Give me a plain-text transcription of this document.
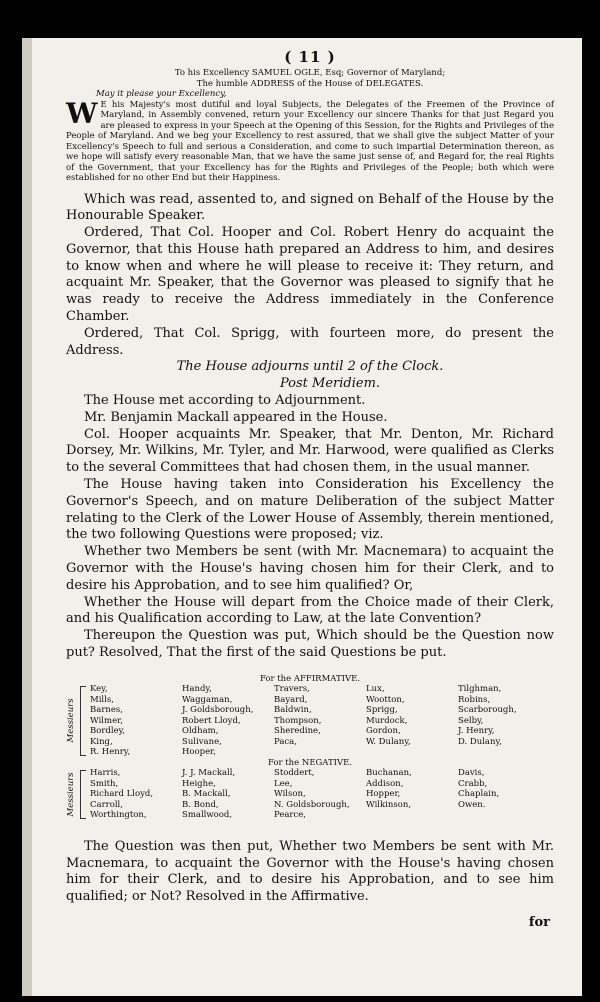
( 11 )

To his Excellency SAMUEL OGLE, Esq; Governor of Maryland;

The humble ADDRESS of the House of DELEGATES.

May it please your Excellency,

W E his Majesty's most dutiful and loyal Subjects, the Delegates of the Freemen of the Province of Maryland, in Assembly convened, return your Excellency our sincere Thanks for that just Regard you are pleased to express in your Speech at the Opening of this Session, for the Rights and Privileges of the People of Maryland. And we beg your Excellency to rest assured, that we shall give the subject Matter of your Excellency's Speech to full and serious a Consideration, and come to such impartial Determination thereon, as we hope will satisfy every reasonable Man, that we have the same just sense of, and Regard for, the real Rights of the Government, that your Excellency has for the Rights and Privileges of the People; both which were established for no other End but their Happiness.

Which was read, assented to, and signed on Behalf of the House by the Honourable Speaker.

Ordered, That Col. Hooper and Col. Robert Henry do acquaint the Governor, that this House hath prepared an Address to him, and desires to know when and where he will please to receive it: They return, and acquaint Mr. Speaker, that the Governor was pleased to signify that he was ready to receive the Address immediately in the Conference Chamber.

Ordered, That Col. Sprigg, with fourteen more, do present the Address.

The House adjourns until 2 of the Clock.

Post Meridiem.

The House met according to Adjournment.

Mr. Benjamin Mackall appeared in the House.

Col. Hooper acquaints Mr. Speaker, that Mr. Denton, Mr. Richard Dorsey, Mr. Wilkins, Mr. Tyler, and Mr. Harwood, were qualified as Clerks to the several Committees that had chosen them, in the usual manner.

The House having taken into Consideration his Excellency the Governor's Speech, and on mature Deliberation of the subject Matter relating to the Clerk of the Lower House of Assembly, therein mentioned, the two following Questions were proposed; viz.

Whether two Members be sent (with Mr. Macnemara) to acquaint the Governor with the House's having chosen him for their Clerk, and to desire his Approbation, and to see him qualified? Or,

Whether the House will depart from the Choice made of their Clerk, and his Qualification according to Law, at the late Convention?

Thereupon the Question was put, Which should be the Question now put? Resolved, That the first of the said Questions be put.

For the AFFIRMATIVE.

Messieurs
Key,
Mills,
Barnes,
Wilmer,
Bordley,
King,
R. Henry,
Handy,
Waggaman,
J. Goldsborough,
Robert Lloyd,
Oldham,
Sulivane,
Hooper,
Travers,
Bayard,
Baldwin,
Thompson,
Sheredine,
Paca,
Lux,
Wootton,
Sprigg,
Murdock,
Gordon,
W. Dulany,
Tilghman,
Robins,
Scarborough,
Selby,
J. Henry,
D. Dulany,

For the NEGATIVE.

Messieurs	Harris,
Smith,
Richard Lloyd,
Carroll,
Worthington,
J. J. Mackall,
Heighe,
B. Mackall,
B. Bond,
Smallwood,
Stoddert,
Lee,
Wilson,
N. Goldsborough,
Pearce,
Buchanan,
Addison,
Hopper,
Wilkinson,
Davis,
Crabb,
Chaplain,
Owen.

The Question was then put, Whether two Members be sent with Mr. Macnemara, to acquaint the Governor with the House's having chosen him for their Clerk, and to desire his Approbation, and to see him qualified; or Not? Resolved in the Affirmative.

for
